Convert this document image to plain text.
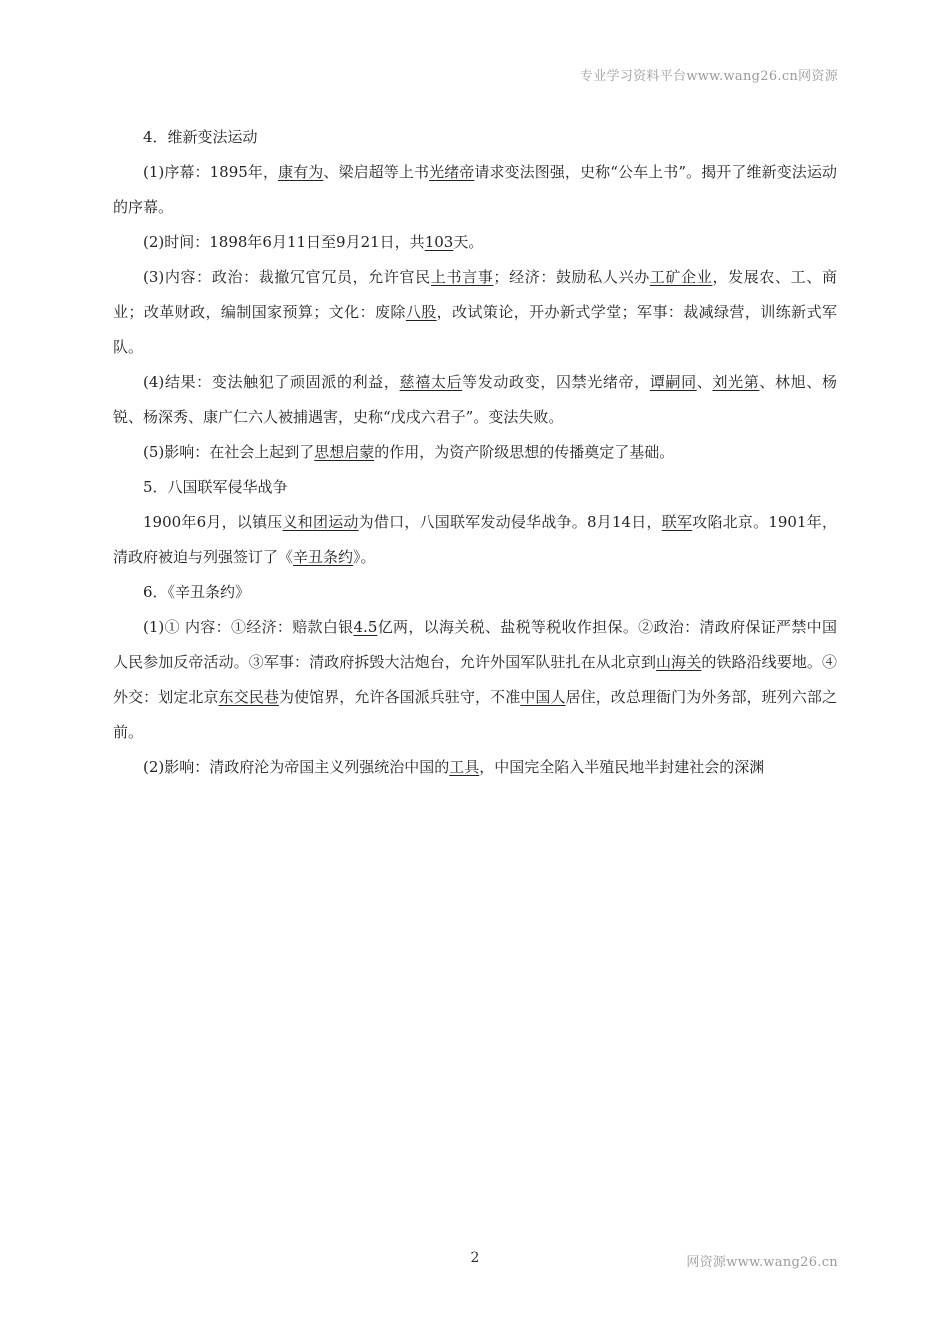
专业学习资料平台www.wang26.cn网资源

4．维新变法运动

(1)序幕：1895年，康有为、梁启超等上书光绪帝请求变法图强，史称“公车上书”。揭开了维新变法运动的序幕。

(2)时间：1898年6月11日至9月21日，共103天。

(3)内容：政治：裁撤冗官冗员，允许官民上书言事；经济：鼓励私人兴办工矿企业，发展农、工、商业；改革财政，编制国家预算；文化：废除八股，改试策论，开办新式学堂；军事：裁减绿营，训练新式军队。

(4)结果：变法触犯了顽固派的利益，慈禧太后等发动政变，囚禁光绪帝，谭嗣同、刘光第、林旭、杨锐、杨深秀、康广仁六人被捕遇害，史称“戊戌六君子”。变法失败。

(5)影响：在社会上起到了思想启蒙的作用，为资产阶级思想的传播奠定了基础。

5．八国联军侵华战争

1900年6月，以镇压义和团运动为借口，八国联军发动侵华战争。8月14日，联军攻陷北京。1901年，清政府被迫与列强签订了《辛丑条约》。

6．《辛丑条约》

(1)① 内容：①经济：赔款白银4.5亿两，以海关税、盐税等税收作担保。②政治：清政府保证严禁中国人民参加反帝活动。③军事：清政府拆毁大沽炮台，允许外国军队驻扎在从北京到山海关的铁路沿线要地。④外交：划定北京东交民巷为使馆界，允许各国派兵驻守，不准中国人居住，改总理衙门为外务部，班列六部之前。

(2)影响：清政府沦为帝国主义列强统治中国的工具，中国完全陷入半殖民地半封建社会的深渊

2	网资源www.wang26.cn
